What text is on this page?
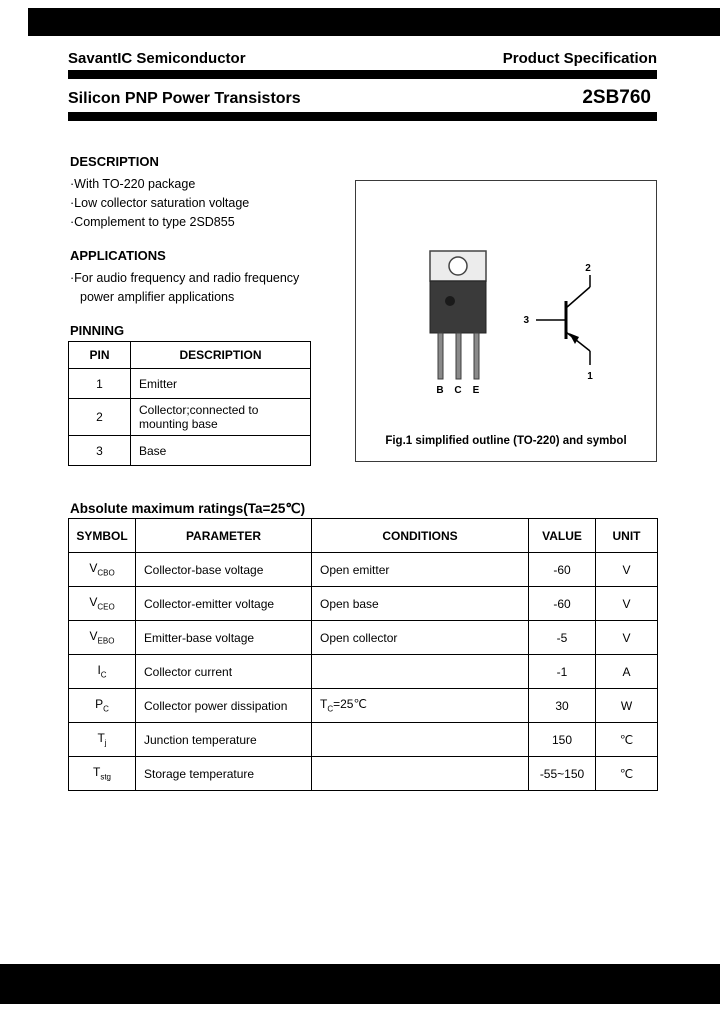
SavantIC Semiconductor	Product Specification
Silicon PNP Power Transistors	2SB760
DESCRIPTION
·With TO-220 package
·Low collector saturation voltage
·Complement to type 2SD855
APPLICATIONS
·For audio frequency and radio frequency
power amplifier applications
PINNING
PIN	DESCRIPTION
1	Emitter
2	Collector;connected to mounting base
3	Base
B C E
2
3
1
Fig.1 simplified outline (TO-220) and symbol
Absolute maximum ratings(Ta=25℃)
SYMBOL	PARAMETER	CONDITIONS	VALUE	UNIT
$V_{CBO}$	Collector-base voltage	Open emitter	-60	V
$V_{CEO}$	Collector-emitter voltage	Open base	-60	V
$V_{EBO}$	Emitter-base voltage	Open collector	-5	V
$I_C$	Collector current		-1	A
$P_C$	Collector power dissipation	$T_C=25℃$	30	W
$T_j$	Junction temperature		150	℃
$T_{stg}$	Storage temperature		-55~150	℃
